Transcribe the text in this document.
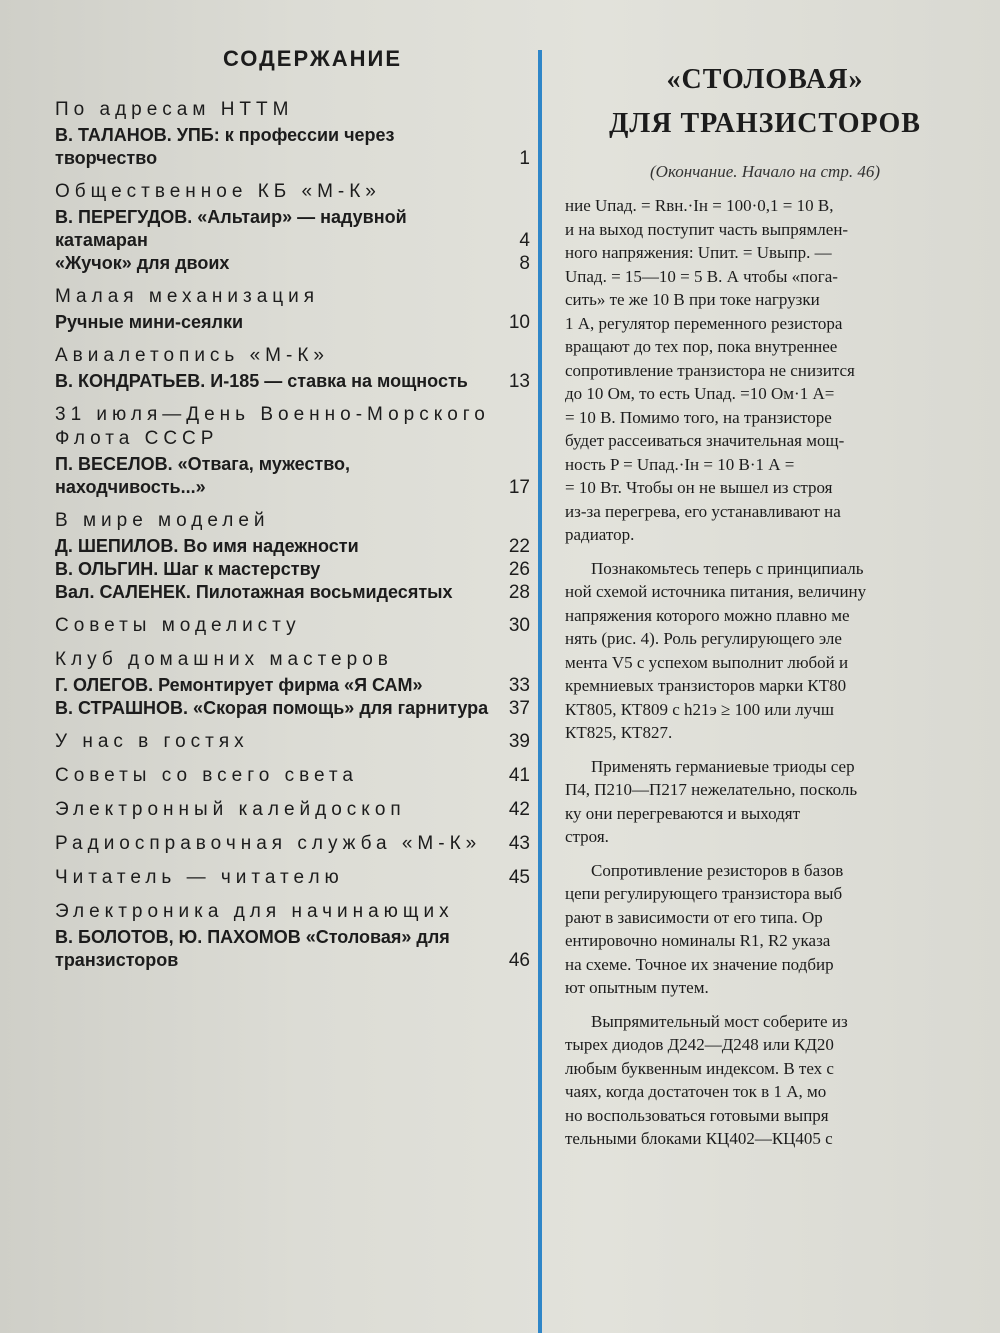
СОДЕРЖАНИЕ
По адресам НТТМ
В. ТАЛАНОВ. УПБ: к профессии через творчество	1
Общественное КБ «М-К»
В. ПЕРЕГУДОВ. «Альтаир» — надувной катамаран	4
«Жучок» для двоих	8
Малая механизация
Ручные мини-сеялки	10
Авиалетопись «М-К»
В. КОНДРАТЬЕВ. И-185 — ставка на мощность	13
31 июля—День Военно-Морского Флота СССР
П. ВЕСЕЛОВ. «Отвага, мужество, находчивость...»	17
В мире моделей
Д. ШЕПИЛОВ. Во имя надежности	22
В. ОЛЬГИН. Шаг к мастерству	26
Вал. САЛЕНЕК. Пилотажная восьмидесятых	28
Советы моделисту	30
Клуб домашних мастеров
Г. ОЛЕГОВ. Ремонтирует фирма «Я САМ»	33
В. СТРАШНОВ. «Скорая помощь» для гарнитура	37
У нас в гостях	39
Советы со всего света	41
Электронный калейдоскоп	42
Радиосправочная служба «М-К»	43
Читатель — читателю	45
Электроника для начинающих
В. БОЛОТОВ, Ю. ПАХОМОВ «Столовая» для транзисторов	46
«СТОЛОВАЯ»
ДЛЯ ТРАНЗИСТОРОВ
(Окончание. Начало на стр. 46)

ние Uпад. = Rвн.·Iн = 100·0,1 = 10 В,

и на выход поступит часть выпрямлен-

ного напряжения: Uпит. = Uвыпр. —

Uпад. = 15—10 = 5 В. А чтобы «пога-

сить» те же 10 В при токе нагрузки

1 А, регулятор переменного резистора

вращают до тех пор, пока внутреннее

сопротивление транзистора не снизится

до 10 Ом, то есть Uпад. =10 Ом·1 А=

= 10 В. Помимо того, на транзисторе

будет рассеиваться значительная мощ-

ность P = Uпад.·Iн = 10 В·1 А =

= 10 Вт. Чтобы он не вышел из строя

из-за перегрева, его устанавливают на

радиатор.

Познакомьтесь теперь с принципиаль

ной схемой источника питания, величину

напряжения которого можно плавно ме

нять (рис. 4). Роль регулирующего эле

мента V5 с успехом выполнит любой и

кремниевых транзисторов марки КТ80

КТ805, КТ809 с h21э ≥ 100 или лучш

КТ825, КТ827.

Применять германиевые триоды сер

П4, П210—П217 нежелательно, посколь

ку они перегреваются и выходят

строя.

Сопротивление резисторов в базов

цепи регулирующего транзистора выб

рают в зависимости от его типа. Ор

ентировочно номиналы R1, R2 указа

на схеме. Точное их значение подбир

ют опытным путем.

Выпрямительный мост соберите из

тырех диодов Д242—Д248 или КД20

любым буквенным индексом. В тех с

чаях, когда достаточен ток в 1 А, мо

но воспользоваться готовыми выпря

тельными блоками КЦ402—КЦ405 с
